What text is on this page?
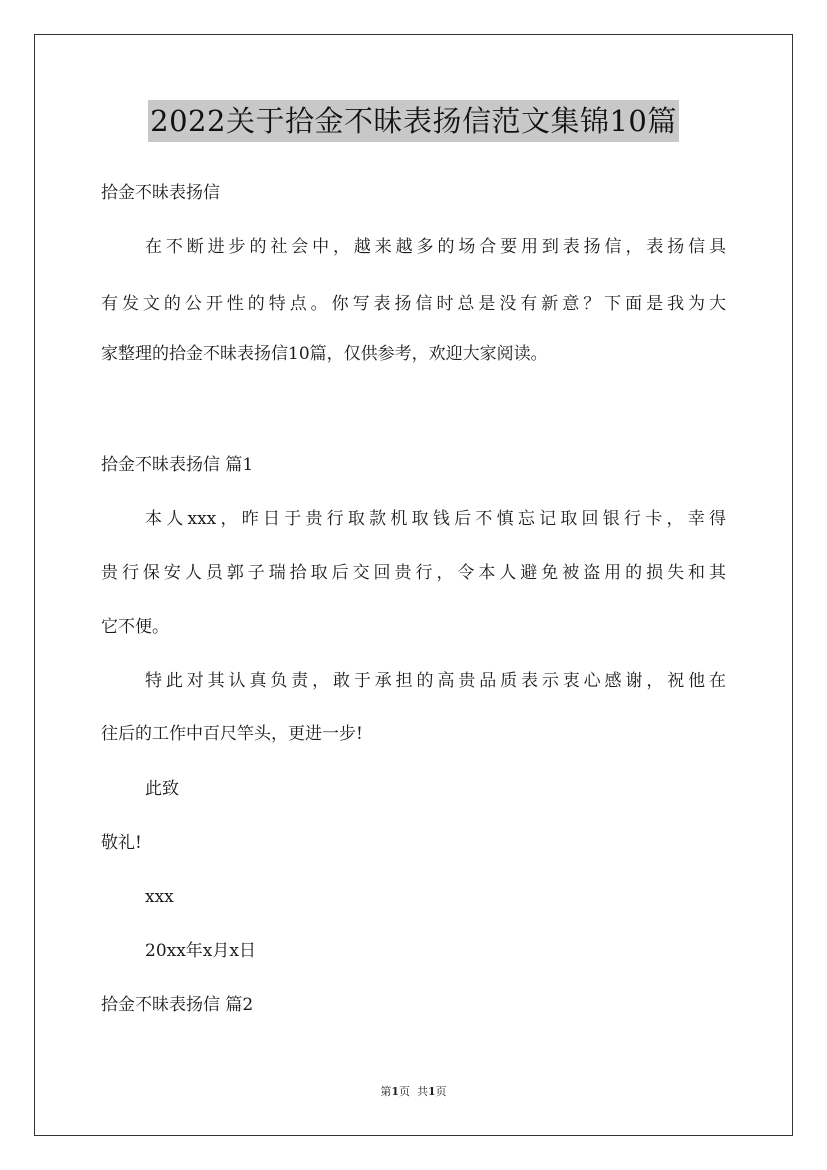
2022关于拾金不昧表扬信范文集锦10篇
拾金不昧表扬信
在不断进步的社会中，越来越多的场合要用到表扬信，表扬信具
有发文的公开性的特点。你写表扬信时总是没有新意？下面是我为大
家整理的拾金不昧表扬信10篇，仅供参考，欢迎大家阅读。
拾金不昧表扬信 篇1
本人xxx，昨日于贵行取款机取钱后不慎忘记取回银行卡，幸得
贵行保安人员郭子瑞拾取后交回贵行，令本人避免被盗用的损失和其
它不便。
特此对其认真负责，敢于承担的高贵品质表示衷心感谢，祝他在
往后的工作中百尺竿头，更进一步!
此致
敬礼!
xxx
20xx年x月x日
拾金不昧表扬信 篇2
第1页  共1页
